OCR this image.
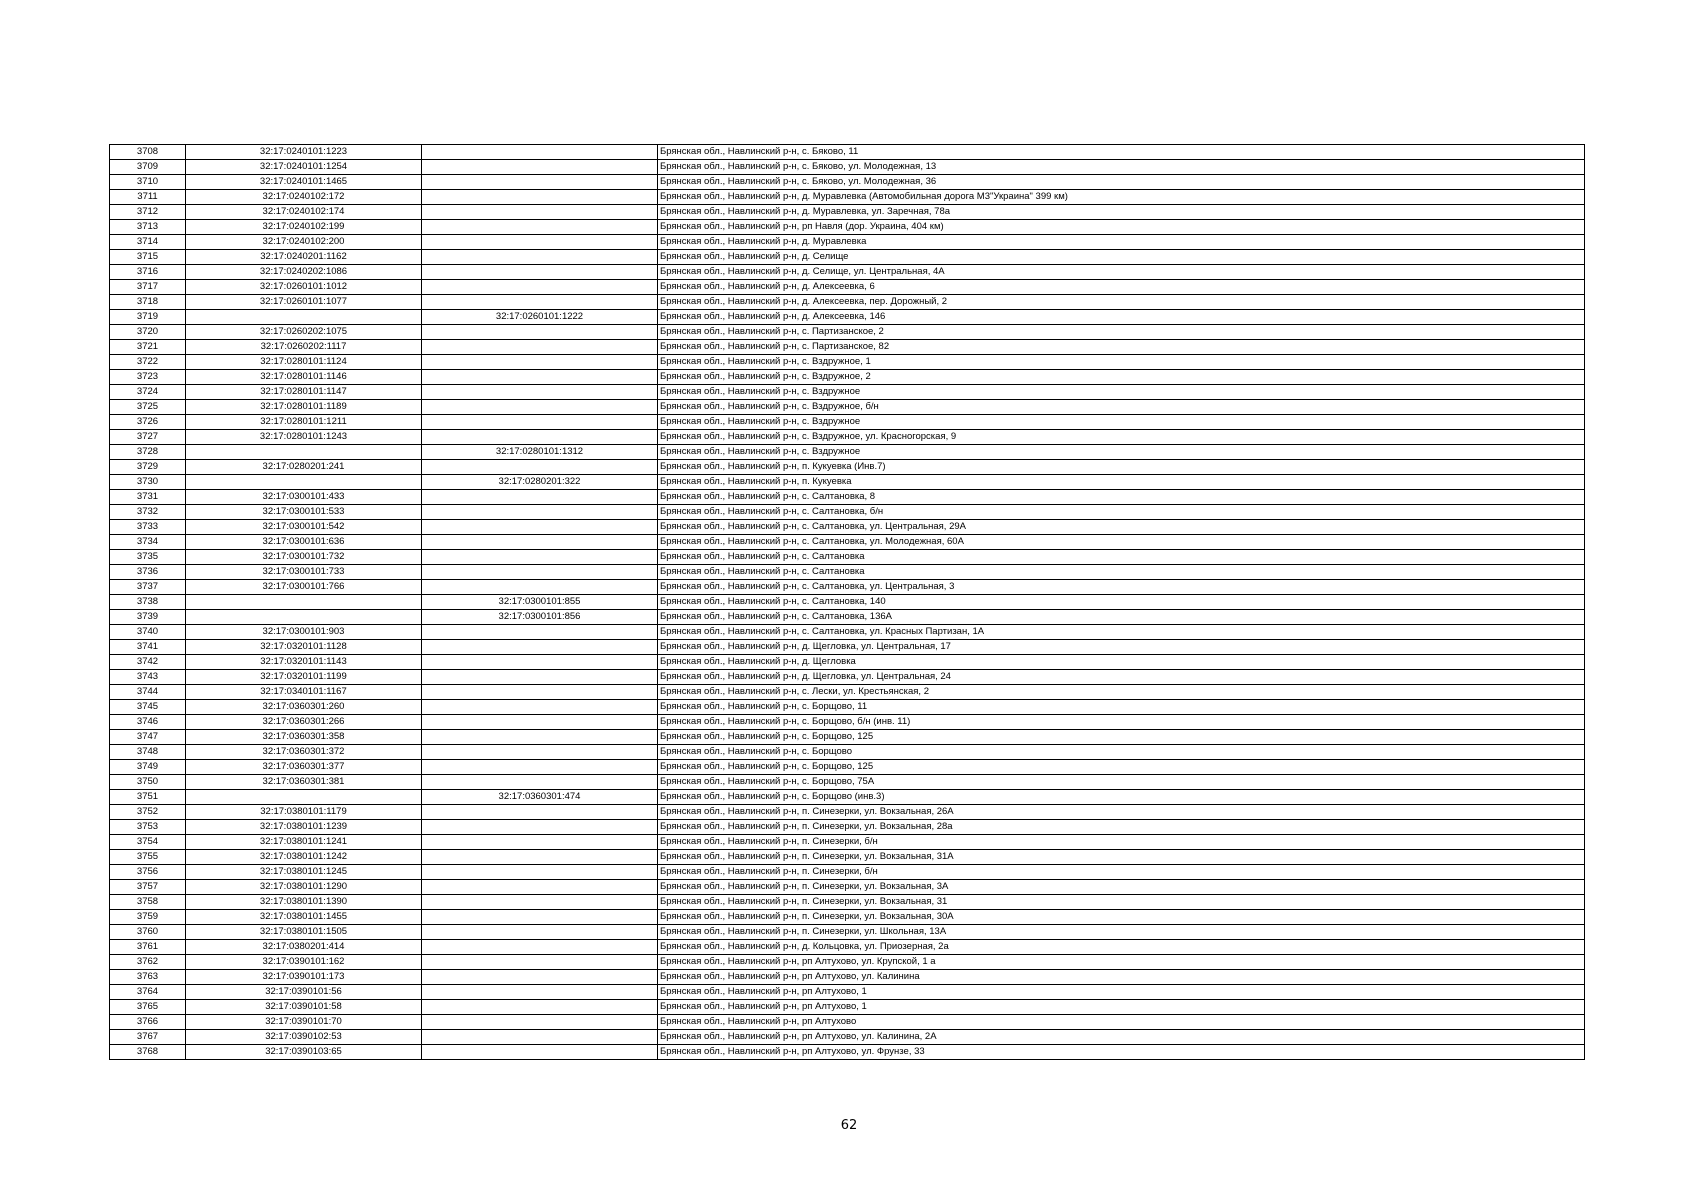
3708	32:17:0240101:1223		Брянская обл., Навлинский р-н, с. Бяково, 11
3709	32:17:0240101:1254		Брянская обл., Навлинский р-н, с. Бяково, ул. Молодежная, 13
3710	32:17:0240101:1465		Брянская обл., Навлинский р-н, с. Бяково, ул. Молодежная, 36
3711	32:17:0240102:172		Брянская обл., Навлинский р-н, д. Муравлевка (Автомобильная дорога М3"Украина" 399 км)
3712	32:17:0240102:174		Брянская обл., Навлинский р-н, д. Муравлевка, ул. Заречная, 78а
3713	32:17:0240102:199		Брянская обл., Навлинский р-н, рп Навля (дор. Украина, 404 км)
3714	32:17:0240102:200		Брянская обл., Навлинский р-н, д. Муравлевка
3715	32:17:0240201:1162		Брянская обл., Навлинский р-н, д. Селище
3716	32:17:0240202:1086		Брянская обл., Навлинский р-н, д. Селище, ул. Центральная, 4А
3717	32:17:0260101:1012		Брянская обл., Навлинский р-н, д. Алексеевка, 6
3718	32:17:0260101:1077		Брянская обл., Навлинский р-н, д. Алексеевка, пер. Дорожный, 2
3719		32:17:0260101:1222	Брянская обл., Навлинский р-н, д. Алексеевка, 146
3720	32:17:0260202:1075		Брянская обл., Навлинский р-н, с. Партизанское, 2
3721	32:17:0260202:1117		Брянская обл., Навлинский р-н, с. Партизанское, 82
3722	32:17:0280101:1124		Брянская обл., Навлинский р-н, с. Вздружное, 1
3723	32:17:0280101:1146		Брянская обл., Навлинский р-н, с. Вздружное, 2
3724	32:17:0280101:1147		Брянская обл., Навлинский р-н, с. Вздружное
3725	32:17:0280101:1189		Брянская обл., Навлинский р-н, с. Вздружное, б/н
3726	32:17:0280101:1211		Брянская обл., Навлинский р-н, с. Вздружное
3727	32:17:0280101:1243		Брянская обл., Навлинский р-н, с. Вздружное, ул. Красногорская, 9
3728		32:17:0280101:1312	Брянская обл., Навлинский р-н, с. Вздружное
3729	32:17:0280201:241		Брянская обл., Навлинский р-н, п. Кукуевка (Инв.7)
3730		32:17:0280201:322	Брянская обл., Навлинский р-н, п. Кукуевка
3731	32:17:0300101:433		Брянская обл., Навлинский р-н, с. Салтановка, 8
3732	32:17:0300101:533		Брянская обл., Навлинский р-н, с. Салтановка, б/н
3733	32:17:0300101:542		Брянская обл., Навлинский р-н, с. Салтановка, ул. Центральная, 29А
3734	32:17:0300101:636		Брянская обл., Навлинский р-н, с. Салтановка, ул. Молодежная, 60А
3735	32:17:0300101:732		Брянская обл., Навлинский р-н, с. Салтановка
3736	32:17:0300101:733		Брянская обл., Навлинский р-н, с. Салтановка
3737	32:17:0300101:766		Брянская обл., Навлинский р-н, с. Салтановка, ул. Центральная, 3
3738		32:17:0300101:855	Брянская обл., Навлинский р-н, с. Салтановка, 140
3739		32:17:0300101:856	Брянская обл., Навлинский р-н, с. Салтановка, 136А
3740	32:17:0300101:903		Брянская обл., Навлинский р-н, с. Салтановка, ул. Красных Партизан, 1А
3741	32:17:0320101:1128		Брянская обл., Навлинский р-н, д. Щегловка, ул. Центральная, 17
3742	32:17:0320101:1143		Брянская обл., Навлинский р-н, д. Щегловка
3743	32:17:0320101:1199		Брянская обл., Навлинский р-н, д. Щегловка, ул. Центральная, 24
3744	32:17:0340101:1167		Брянская обл., Навлинский р-н, с. Лески, ул. Крестьянская, 2
3745	32:17:0360301:260		Брянская обл., Навлинский р-н, с. Борщово, 11
3746	32:17:0360301:266		Брянская обл., Навлинский р-н, с. Борщово, б/н (инв. 11)
3747	32:17:0360301:358		Брянская обл., Навлинский р-н, с. Борщово, 125
3748	32:17:0360301:372		Брянская обл., Навлинский р-н, с. Борщово
3749	32:17:0360301:377		Брянская обл., Навлинский р-н, с. Борщово, 125
3750	32:17:0360301:381		Брянская обл., Навлинский р-н, с. Борщово, 75А
3751		32:17:0360301:474	Брянская обл., Навлинский р-н, с. Борщово (инв.3)
3752	32:17:0380101:1179		Брянская обл., Навлинский р-н, п. Синезерки, ул. Вокзальная, 26А
3753	32:17:0380101:1239		Брянская обл., Навлинский р-н, п. Синезерки, ул. Вокзальная, 28а
3754	32:17:0380101:1241		Брянская обл., Навлинский р-н, п. Синезерки, б/н
3755	32:17:0380101:1242		Брянская обл., Навлинский р-н, п. Синезерки, ул. Вокзальная, 31А
3756	32:17:0380101:1245		Брянская обл., Навлинский р-н, п. Синезерки, б/н
3757	32:17:0380101:1290		Брянская обл., Навлинский р-н, п. Синезерки, ул. Вокзальная, 3А
3758	32:17:0380101:1390		Брянская обл., Навлинский р-н, п. Синезерки, ул. Вокзальная, 31
3759	32:17:0380101:1455		Брянская обл., Навлинский р-н, п. Синезерки, ул. Вокзальная, 30А
3760	32:17:0380101:1505		Брянская обл., Навлинский р-н, п. Синезерки, ул. Школьная, 13А
3761	32:17:0380201:414		Брянская обл., Навлинский р-н, д. Кольцовка, ул. Приозерная, 2а
3762	32:17:0390101:162		Брянская обл., Навлинский р-н, рп Алтухово, ул. Крупской, 1 а
3763	32:17:0390101:173		Брянская обл., Навлинский р-н, рп Алтухово, ул. Калинина
3764	32:17:0390101:56		Брянская обл., Навлинский р-н, рп Алтухово, 1
3765	32:17:0390101:58		Брянская обл., Навлинский р-н, рп Алтухово, 1
3766	32:17:0390101:70		Брянская обл., Навлинский р-н, рп Алтухово
3767	32:17:0390102:53		Брянская обл., Навлинский р-н, рп Алтухово, ул. Калинина, 2А
3768	32:17:0390103:65		Брянская обл., Навлинский р-н, рп Алтухово, ул. Фрунзе, 33
62
